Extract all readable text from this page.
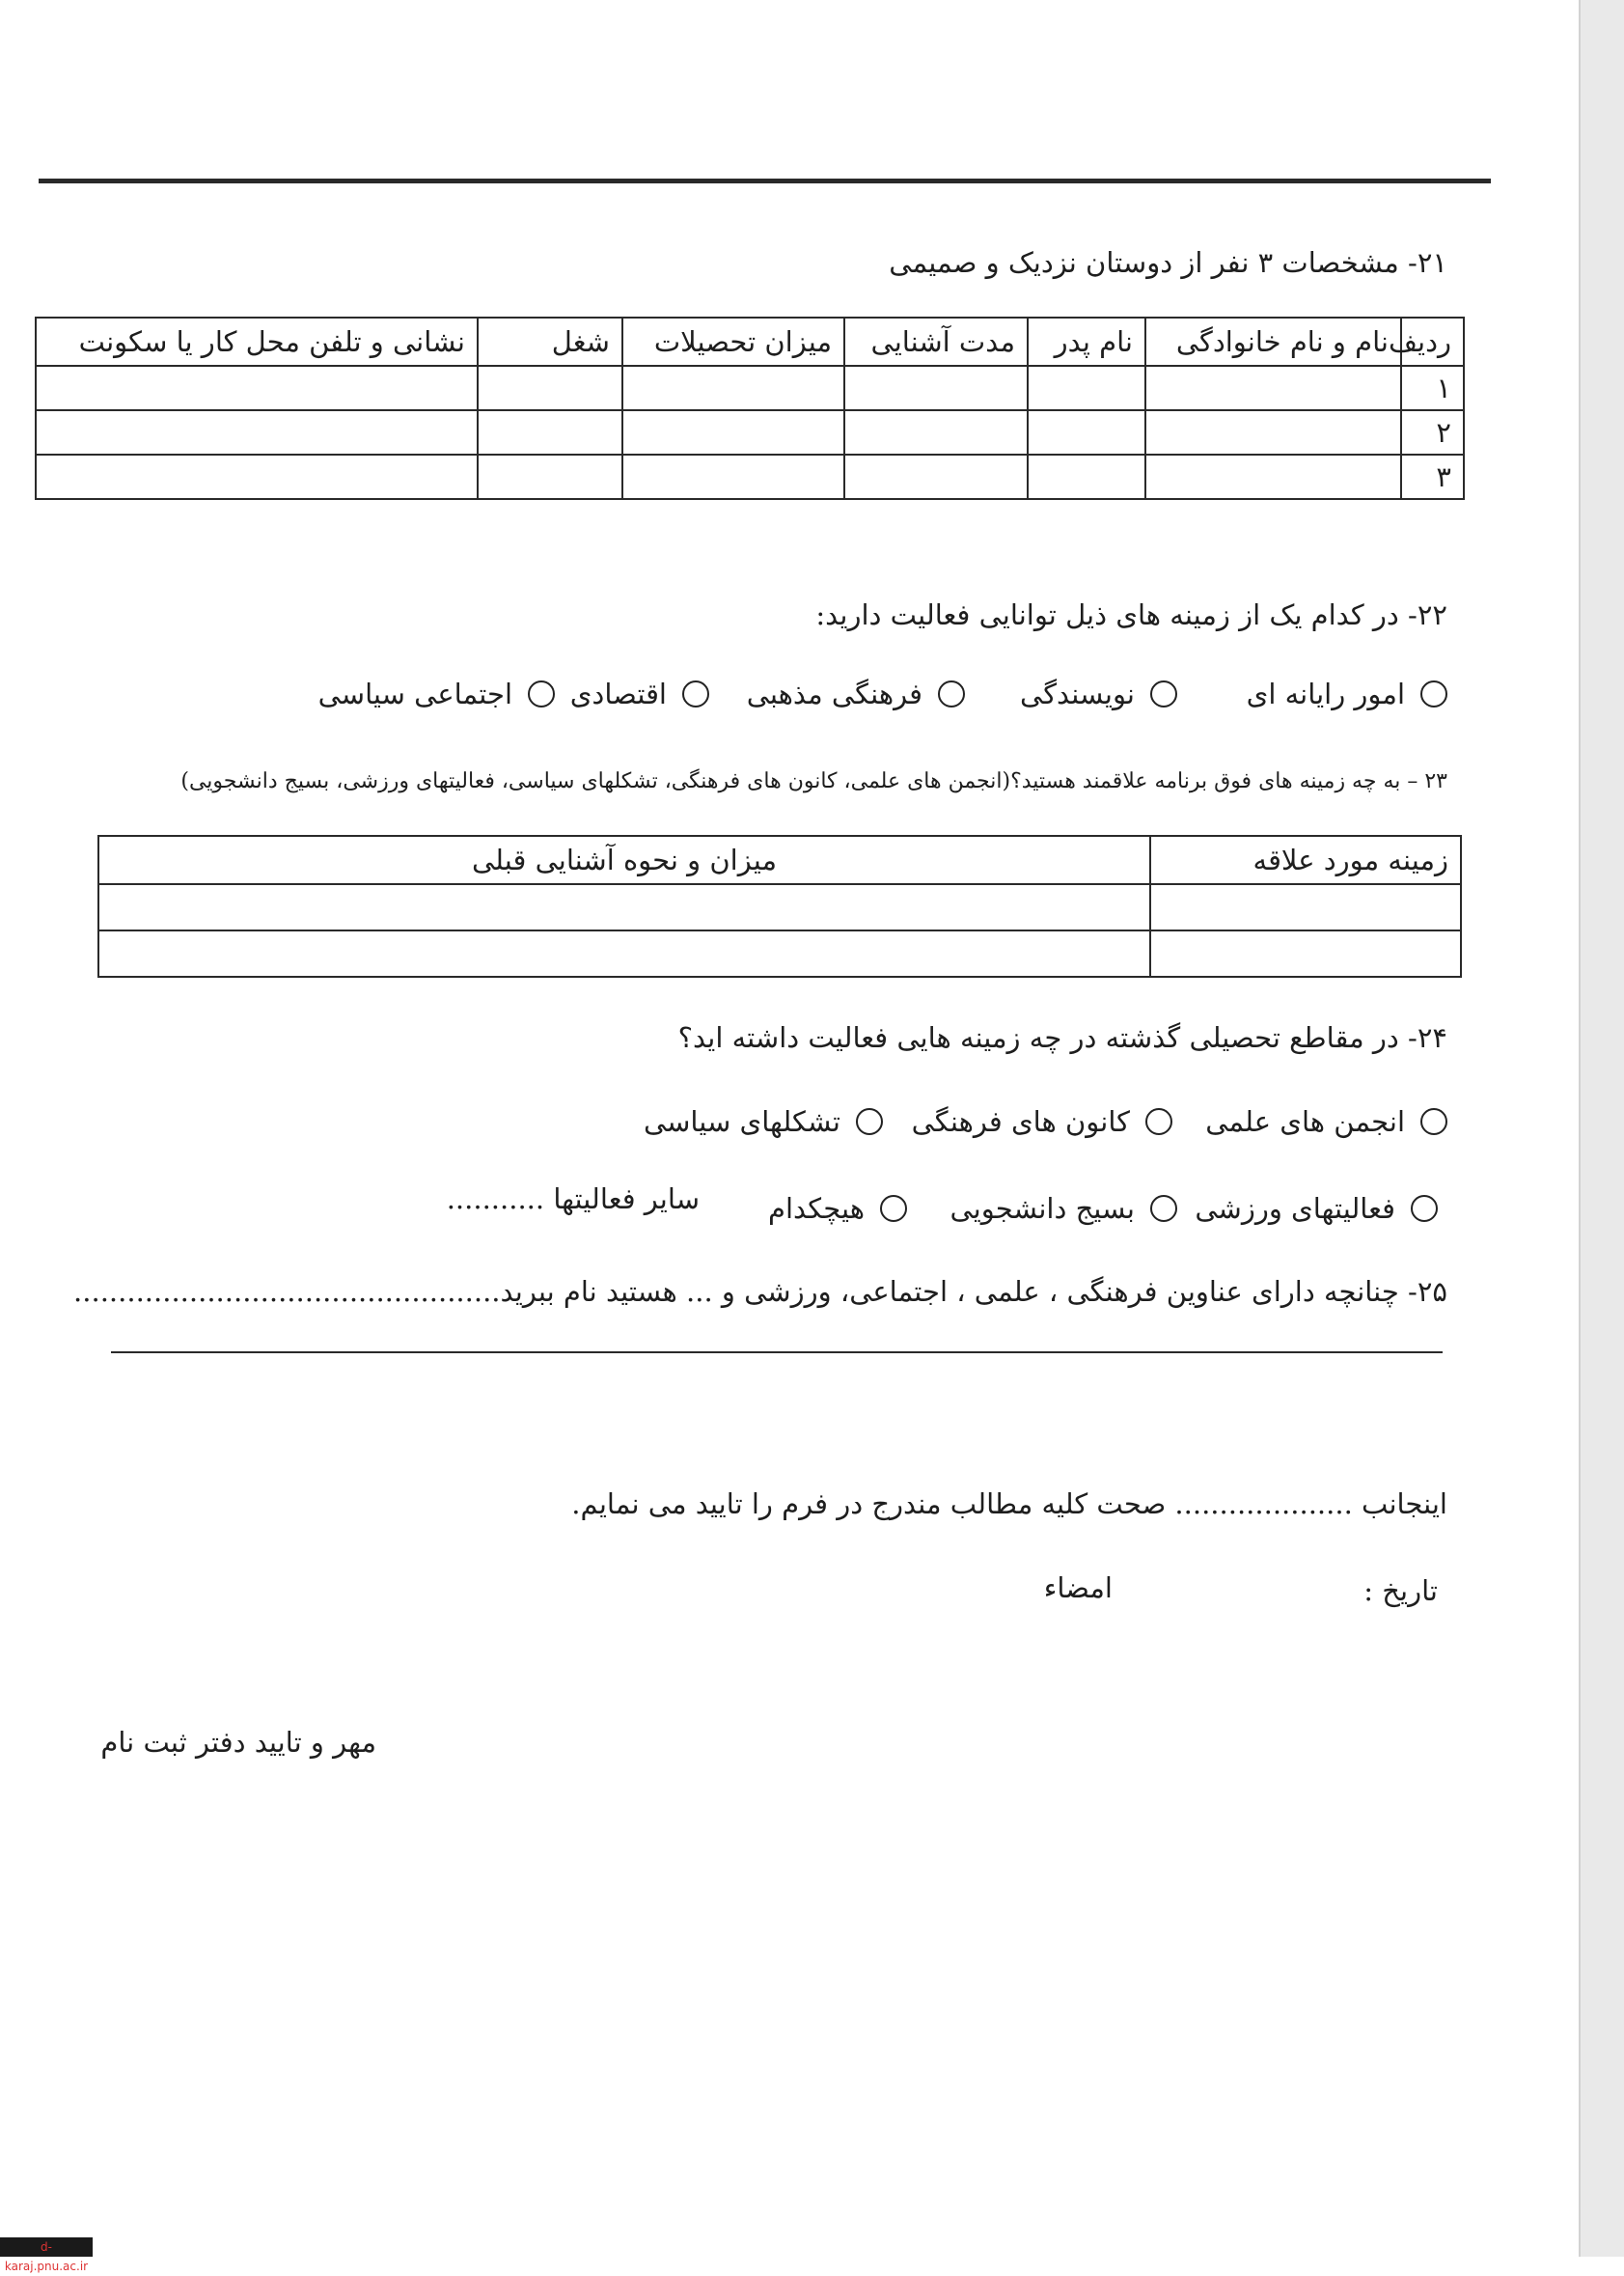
۲۱- مشخصات ۳ نفر از دوستان نزدیک و صمیمی
ردیف	نام و نام خانوادگی	نام پدر	مدت آشنایی	میزان تحصیلات	شغل	نشانی و تلفن محل کار یا سکونت
۱						
۲						
۳						
۲۲- در کدام یک از زمینه های ذیل توانایی فعالیت دارید:
امور رایانه ای
نویسندگی
فرهنگی مذهبی
اقتصادی
اجتماعی سیاسی
۲۳ – به چه زمینه های فوق برنامه علاقمند هستید؟(انجمن های علمی، کانون های فرهنگی، تشکلهای سیاسی، فعالیتهای ورزشی، بسیج دانشجویی)
زمینه مورد علاقه	میزان و نحوه آشنایی قبلی

۲۴- در مقاطع تحصیلی گذشته در چه زمینه هایی فعالیت داشته اید؟
انجمن های علمی
کانون های فرهنگی
تشکلهای سیاسی
فعالیتهای ورزشی
بسیج دانشجویی
هیچکدام
سایر فعالیتها ...........
۲۵- چنانچه دارای عناوین فرهنگی ، علمی ، اجتماعی، ورزشی و ... هستید نام ببرید................................................
اینجانب .................... صحت کلیه مطالب مندرج در فرم را تایید می نمایم.
تاریخ :
امضاء
مهر و تایید دفتر ثبت نام
d-karaj.pnu.ac.ir
